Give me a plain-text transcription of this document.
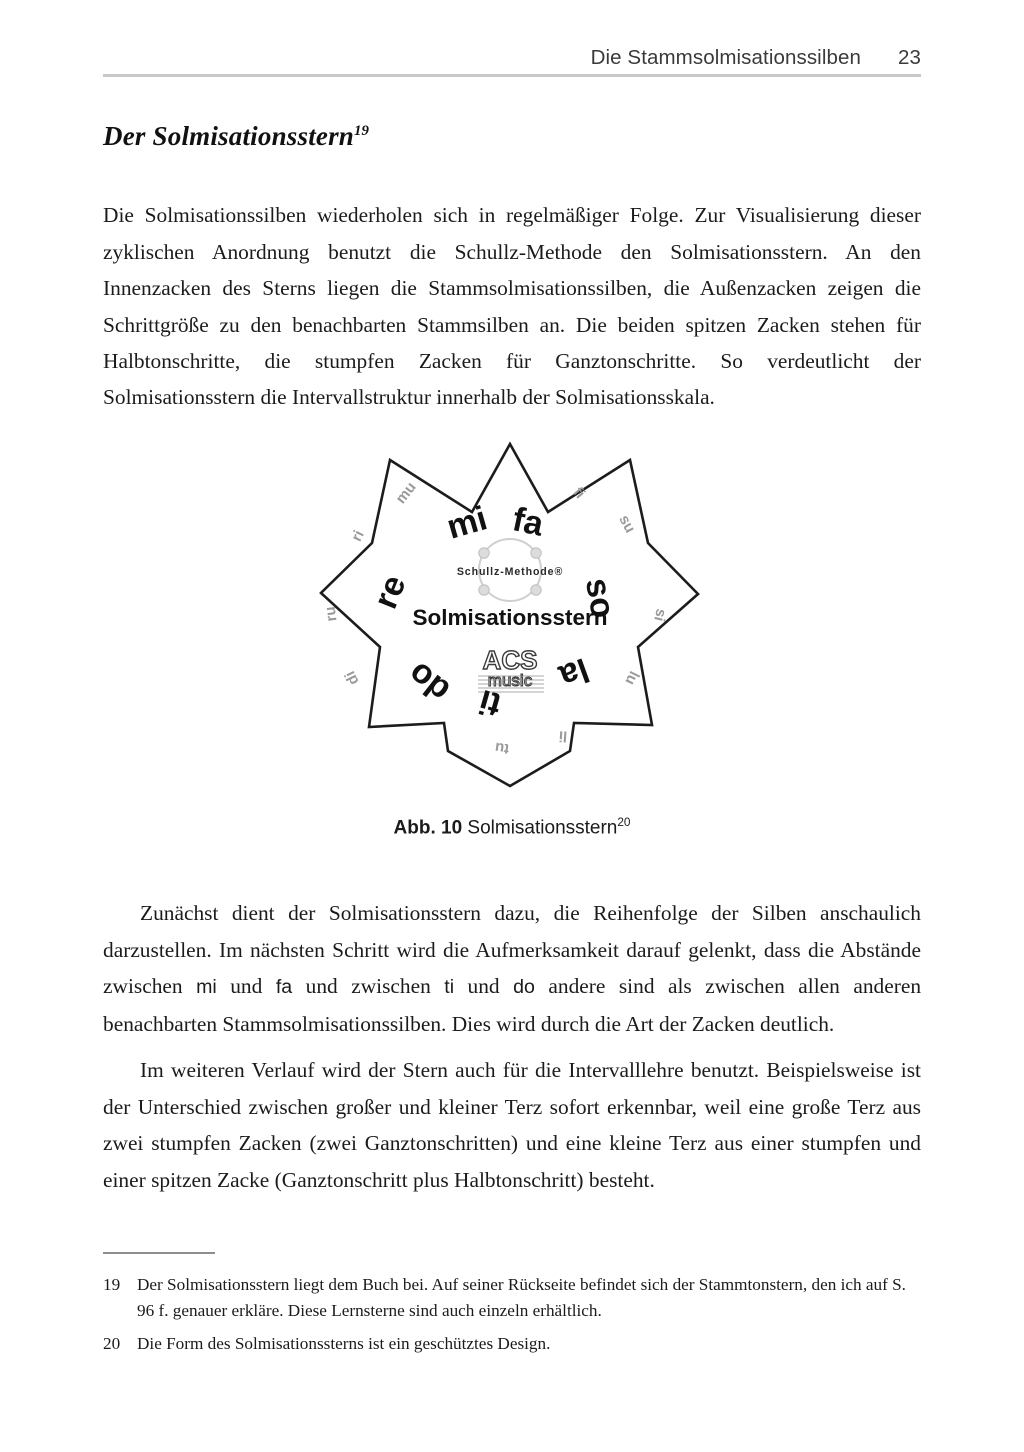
Die Stammsolmisationssilben 23
Der Solmisationsstern$^{19}$

Die Solmisationssilben wiederholen sich in regelmäßiger Folge. Zur Visualisierung dieser zyklischen Anordnung benutzt die Schullz-Methode den Solmisationsstern. An den Innenzacken des Sterns liegen die Stammsolmisationssilben, die Außenzacken zeigen die Schrittgröße zu den benachbarten Stammsilben an. Die beiden spitzen Zacken stehen für Halbtonschritte, die stumpfen Zacken für Ganztonschritte. So verdeutlicht der Solmisationsstern die Intervallstruktur innerhalb der Solmisationsskala.

Schullz-Methode®
Solmisationsstern
ACS
music
mi fa
so
la
ti
do
re
mu
ri
ru
di
tu
li
lu
si
su
fi
Abb. 10 Solmisationsstern$^{20}$

Zunächst dient der Solmisationsstern dazu, die Reihenfolge der Silben anschaulich darzustellen. Im nächsten Schritt wird die Aufmerksamkeit darauf gelenkt, dass die Abstände zwischen mi und fa und zwischen ti und do andere sind als zwischen allen anderen benachbarten Stammsolmisationssilben. Dies wird durch die Art der Zacken deutlich.

Im weiteren Verlauf wird der Stern auch für die Intervalllehre benutzt. Beispielsweise ist der Unterschied zwischen großer und kleiner Terz sofort erkennbar, weil eine große Terz aus zwei stumpfen Zacken (zwei Ganztonschritten) und eine kleine Terz aus einer stumpfen und einer spitzen Zacke (Ganztonschritt plus Halbtonschritt) besteht.

19 Der Solmisationsstern liegt dem Buch bei. Auf seiner Rückseite befindet sich der Stammtonstern, den ich auf S. 96 f. genauer erkläre. Diese Lernsterne sind auch einzeln erhältlich.
20 Die Form des Solmisationssterns ist ein geschütztes Design.
